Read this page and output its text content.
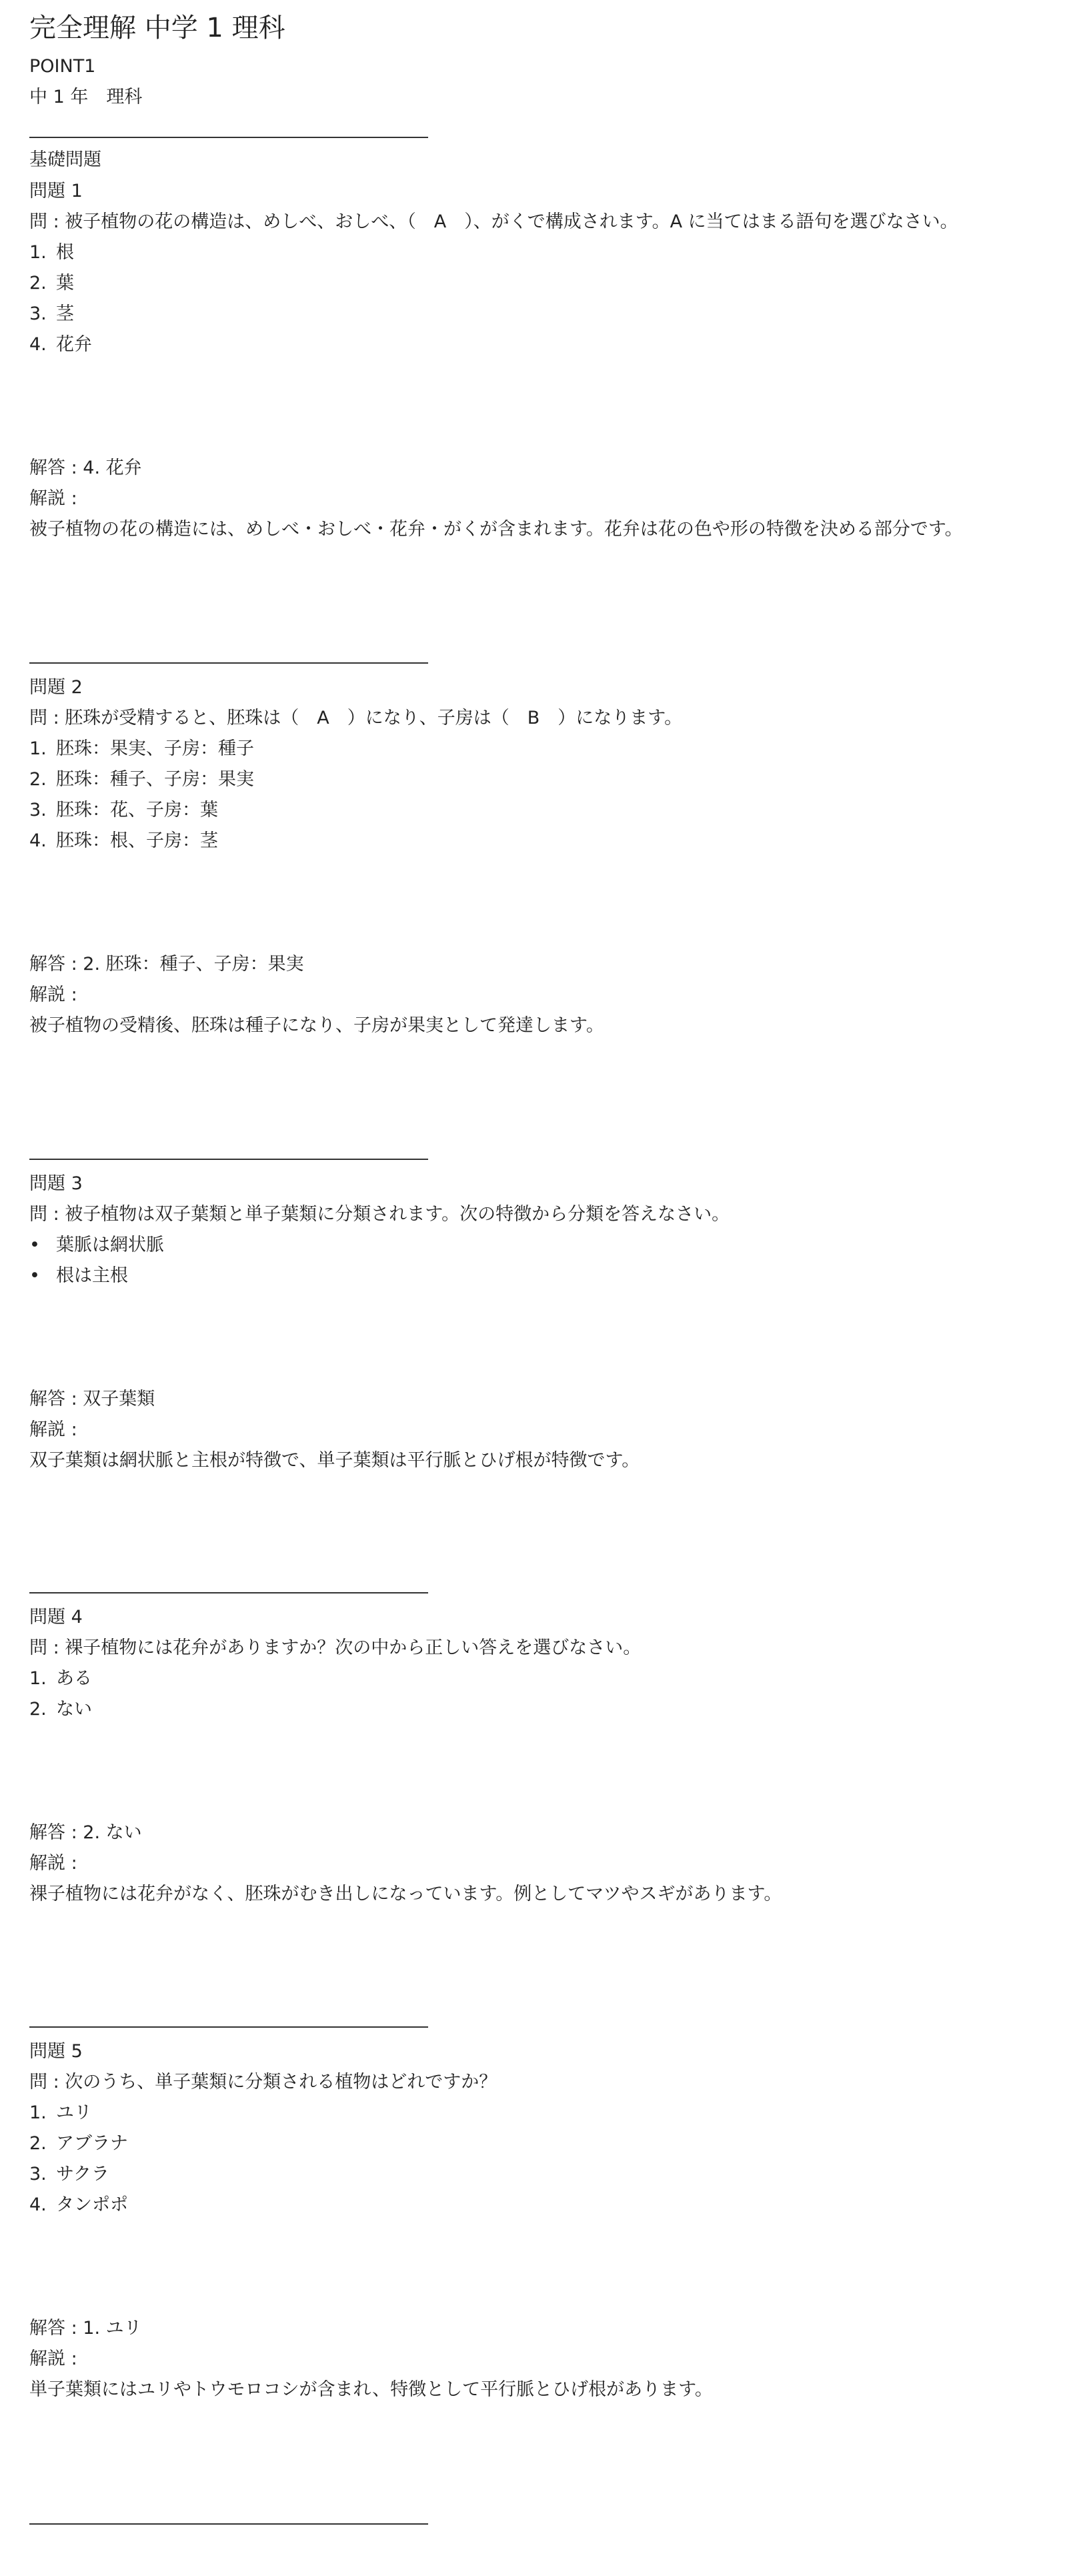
完全理解 中学 1 理科
POINT1
中 1 年　理科
基礎問題
問題 1
問 : 被子植物の花の構造は、めしべ、おしべ、（　A　）、がくで構成されます。A に当てはまる語句を選びなさい。
1. 根
2. 葉
3. 茎
4. 花弁
解答 : 4. 花弁
解説 :
被子植物の花の構造には、めしべ・おしべ・花弁・がくが含まれます。花弁は花の色や形の特徴を決める部分です。
問題 2
問 : 胚珠が受精すると、胚珠は（　A　）になり、子房は（　B　）になります。
1. 胚珠：果実、子房：種子
2. 胚珠：種子、子房：果実
3. 胚珠：花、子房：葉
4. 胚珠：根、子房：茎
解答 : 2. 胚珠：種子、子房：果実
解説 :
被子植物の受精後、胚珠は種子になり、子房が果実として発達します。
問題 3
問 : 被子植物は双子葉類と単子葉類に分類されます。次の特徴から分類を答えなさい。
• 葉脈は網状脈
• 根は主根
解答 : 双子葉類
解説 :
双子葉類は網状脈と主根が特徴で、単子葉類は平行脈とひげ根が特徴です。
問題 4
問 : 裸子植物には花弁がありますか？次の中から正しい答えを選びなさい。
1. ある
2. ない
解答 : 2. ない
解説 :
裸子植物には花弁がなく、胚珠がむき出しになっています。例としてマツやスギがあります。
問題 5
問 : 次のうち、単子葉類に分類される植物はどれですか？
1. ユリ
2. アブラナ
3. サクラ
4. タンポポ
解答 : 1. ユリ
解説 :
単子葉類にはユリやトウモロコシが含まれ、特徴として平行脈とひげ根があります。
